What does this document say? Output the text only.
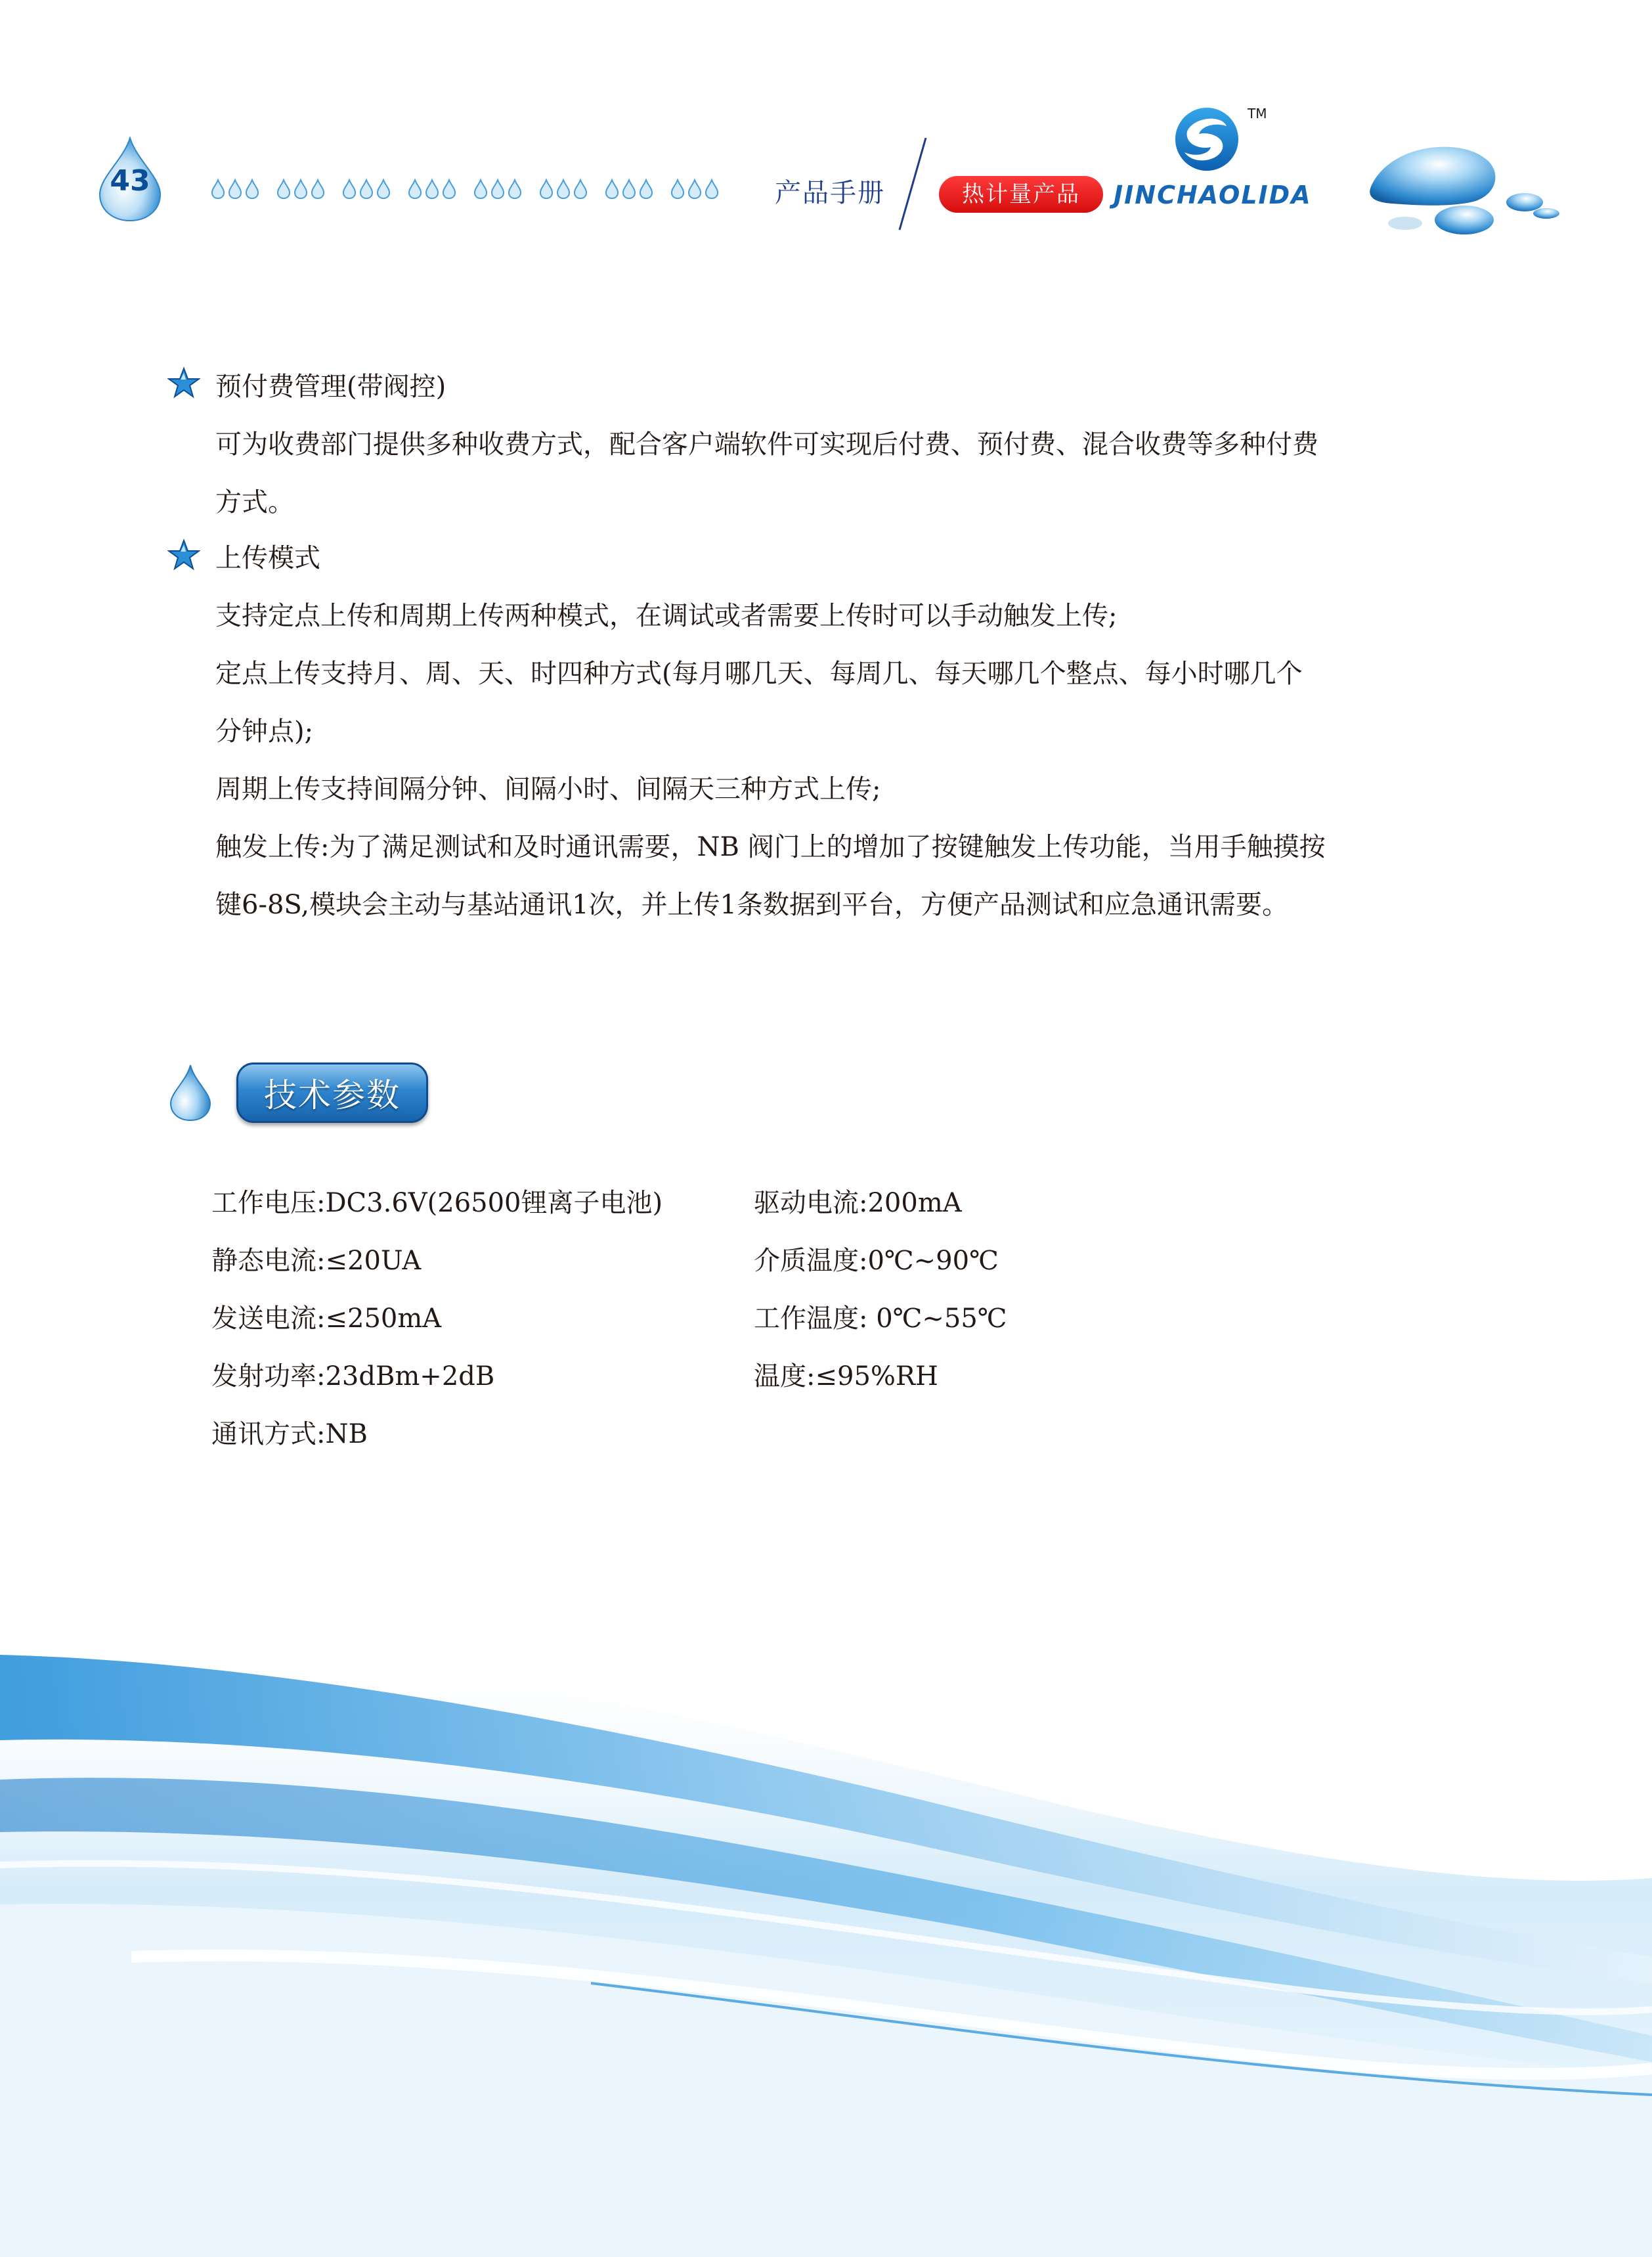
43	产品手册	热计量产品
TM
JINCHAOLIDA
预付费管理(带阀控)
可为收费部门提供多种收费方式，配合客户端软件可实现后付费、预付费、混合收费等多种付费
方式。
上传模式
支持定点上传和周期上传两种模式，在调试或者需要上传时可以手动触发上传;
定点上传支持月、周、天、时四种方式(每月哪几天、每周几、每天哪几个整点、每小时哪几个
分钟点);
周期上传支持间隔分钟、间隔小时、间隔天三种方式上传;
触发上传:为了满足测试和及时通讯需要，NB 阀门上的增加了按键触发上传功能，当用手触摸按
键6-8S,模块会主动与基站通讯1次，并上传1条数据到平台，方便产品测试和应急通讯需要。
技术参数
工作电压:DC3.6V(26500锂离子电池)
静态电流:≤20UA
发送电流:≤250mA
发射功率:23dBm+2dB
通讯方式:NB
驱动电流:200mA
介质温度:0℃~90℃
工作温度: 0℃~55℃
温度:≤95%RH
